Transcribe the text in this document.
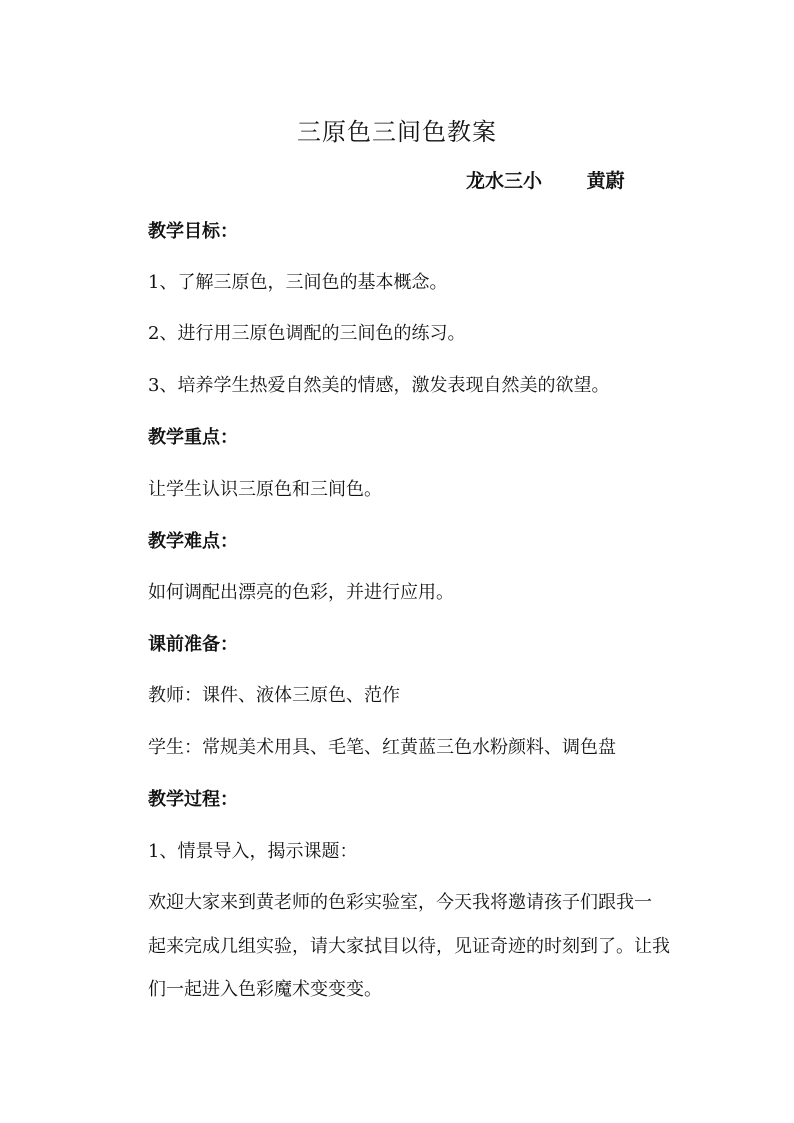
三原色三间色教案
龙水三小 黄蔚
教学目标：
1、了解三原色，三间色的基本概念。
2、进行用三原色调配的三间色的练习。
3、培养学生热爱自然美的情感，激发表现自然美的欲望。
教学重点：
让学生认识三原色和三间色。
教学难点：
如何调配出漂亮的色彩，并进行应用。
课前准备：
教师：课件、液体三原色、范作
学生：常规美术用具、毛笔、红黄蓝三色水粉颜料、调色盘
教学过程：
1、情景导入，揭示课题：
欢迎大家来到黄老师的色彩实验室，今天我将邀请孩子们跟我一
起来完成几组实验，请大家拭目以待，见证奇迹的时刻到了。让我
们一起进入色彩魔术变变变。
